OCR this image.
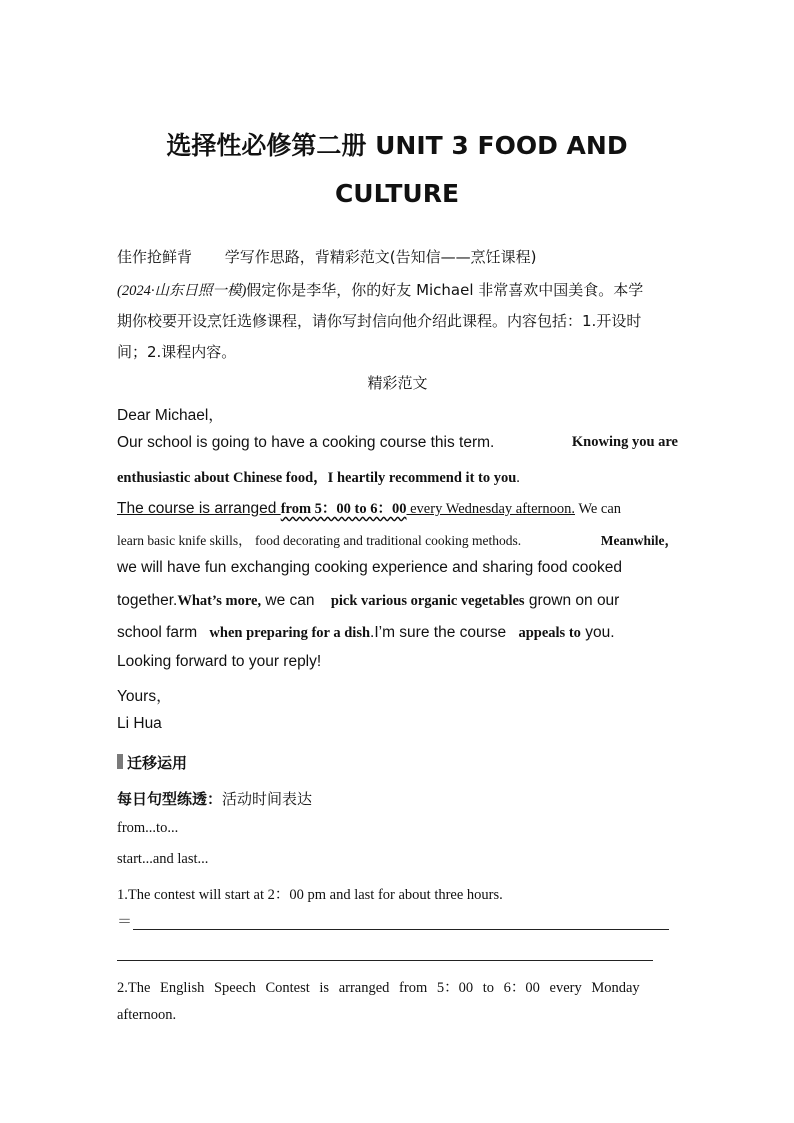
选择性必修第二册 UNIT 3 FOOD AND
CULTURE
佳作抢鲜背 学写作思路，背精彩范文(告知信——烹饪课程)
(2024·山东日照一模)假定你是李华，你的好友 Michael 非常喜欢中国美食。本学
期你校要开设烹饪选修课程，请你写封信向他介绍此课程。内容包括：1.开设时
间；2.课程内容。
精彩范文
Dear Michael，
Our school is going to have a cooking course this term.	Knowing you are
enthusiastic about Chinese food，I heartily recommend it to you.
The course is arranged from 5：00 to 6：00 every Wednesday afternoon. We can
learn basic knife skills， food decorating and traditional cooking methods.	Meanwhile，
we will have fun exchanging cooking experience and sharing food cooked
together.What’s more, we can pick various organic vegetables grown on our
school farm when preparing for a dish.I’m sure the course appeals to you.
Looking forward to your reply!
Yours，
Li Hua
迁移运用
每日句型练透：活动时间表达
from...to...
start...and last...
1.The contest will start at 2：00 pm and last for about three hours.
＝
2.The English Speech Contest is arranged from 5：00 to 6：00 every Monday
afternoon.
